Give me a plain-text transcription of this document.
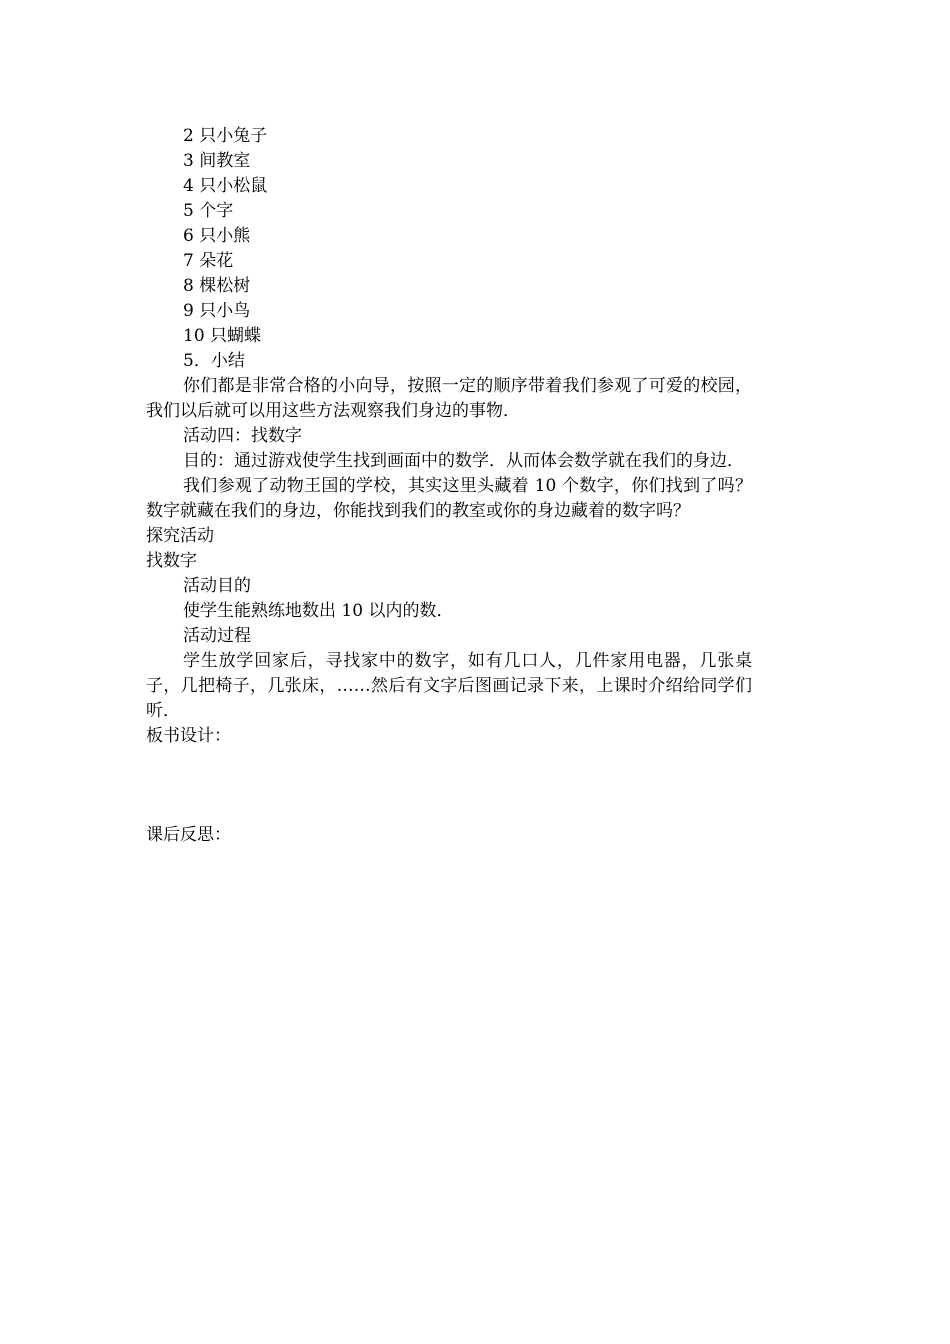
2 只小兔子
3 间教室
4 只小松鼠
5 个字
6 只小熊
7 朵花
8 棵松树
9 只小鸟
10 只蝴蝶
5．小结
你们都是非常合格的小向导，按照一定的顺序带着我们参观了可爱的校园，我们以后就可以用这些方法观察我们身边的事物．
活动四：找数字
目的：通过游戏使学生找到画面中的数学．从而体会数学就在我们的身边．
我们参观了动物王国的学校，其实这里头藏着 10 个数字，你们找到了吗？数字就藏在我们的身边，你能找到我们的教室或你的身边藏着的数字吗？
探究活动
找数字
活动目的
使学生能熟练地数出 10 以内的数．
活动过程
学生放学回家后，寻找家中的数字，如有几口人，几件家用电器，几张桌子，几把椅子，几张床，……然后有文字后图画记录下来，上课时介绍给同学们听．
板书设计：
课后反思：
